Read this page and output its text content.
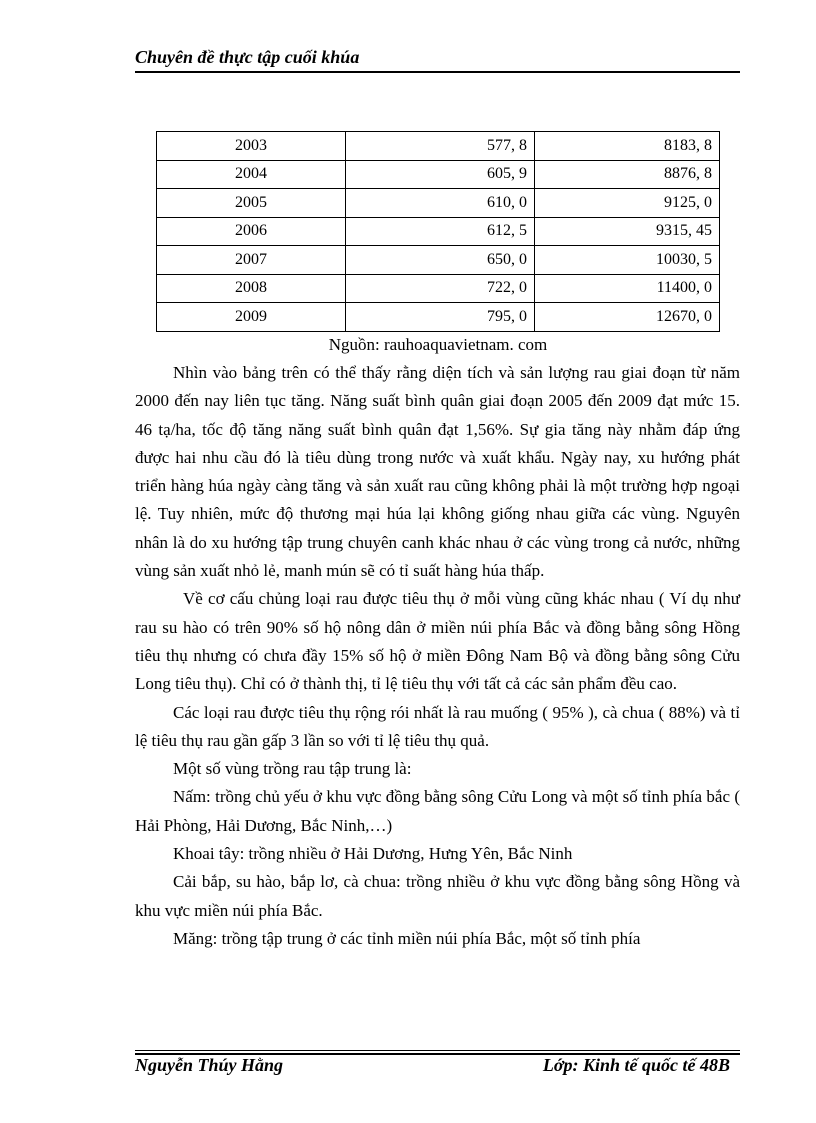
Chuyên đề thực tập cuối khúa
2003	577, 8	8183, 8
2004	605, 9	8876, 8
2005	610, 0	9125, 0
2006	612, 5	9315, 45
2007	650, 0	10030, 5
2008	722, 0	11400, 0
2009	795, 0	12670, 0
Nguồn: rauhoaquavietnam. com

Nhìn vào bảng trên có thể thấy rằng diện tích và sản lượng rau giai đoạn từ năm 2000 đến nay liên tục tăng. Năng suất bình quân giai đoạn 2005 đến 2009 đạt mức 15. 46 tạ/ha, tốc độ tăng năng suất bình quân đạt 1,56%. Sự gia tăng này nhằm đáp ứng được hai nhu cầu đó là tiêu dùng trong nước và xuất khẩu. Ngày nay, xu hướng phát triển hàng húa ngày càng tăng và sản xuất rau cũng không phải là một trường hợp ngoại lệ. Tuy nhiên, mức độ thương mại húa lại không giống nhau giữa các vùng. Nguyên nhân là do xu hướng tập trung chuyên canh khác nhau ở các vùng trong cả nước, những vùng sản xuất nhỏ lẻ, manh mún sẽ có tỉ suất hàng húa thấp.

Về cơ cấu chủng loại rau được tiêu thụ ở mỗi vùng cũng khác nhau ( Ví dụ như rau su hào có trên 90% số hộ nông dân ở miền núi phía Bắc và đồng bằng sông Hồng tiêu thụ nhưng có chưa đầy 15% số hộ ở miền Đông Nam Bộ và đồng bằng sông Cửu Long tiêu thụ). Chỉ có ở thành thị, tỉ lệ tiêu thụ với tất cả các sản phẩm đều cao.

Các loại rau được tiêu thụ rộng rói nhất là rau muống ( 95% ), cà chua ( 88%) và tỉ lệ tiêu thụ rau gần gấp 3 lần so với tỉ lệ tiêu thụ quả.

Một số vùng trồng rau tập trung là:

Nấm: trồng chủ yếu ở khu vực đồng bằng sông Cửu Long và một số tỉnh phía bắc ( Hải Phòng, Hải Dương, Bắc Ninh,…)

Khoai tây: trồng nhiều ở Hải Dương, Hưng Yên, Bắc Ninh

Cải bắp, su hào, bắp lơ, cà chua: trồng nhiều ở khu vực đồng bằng sông Hồng và khu vực miền núi phía Bắc.

Măng: trồng tập trung ở các tỉnh miền núi phía Bắc, một số tỉnh phía

Nguyễn Thúy Hằng	Lớp: Kinh tế quốc tế 48B
